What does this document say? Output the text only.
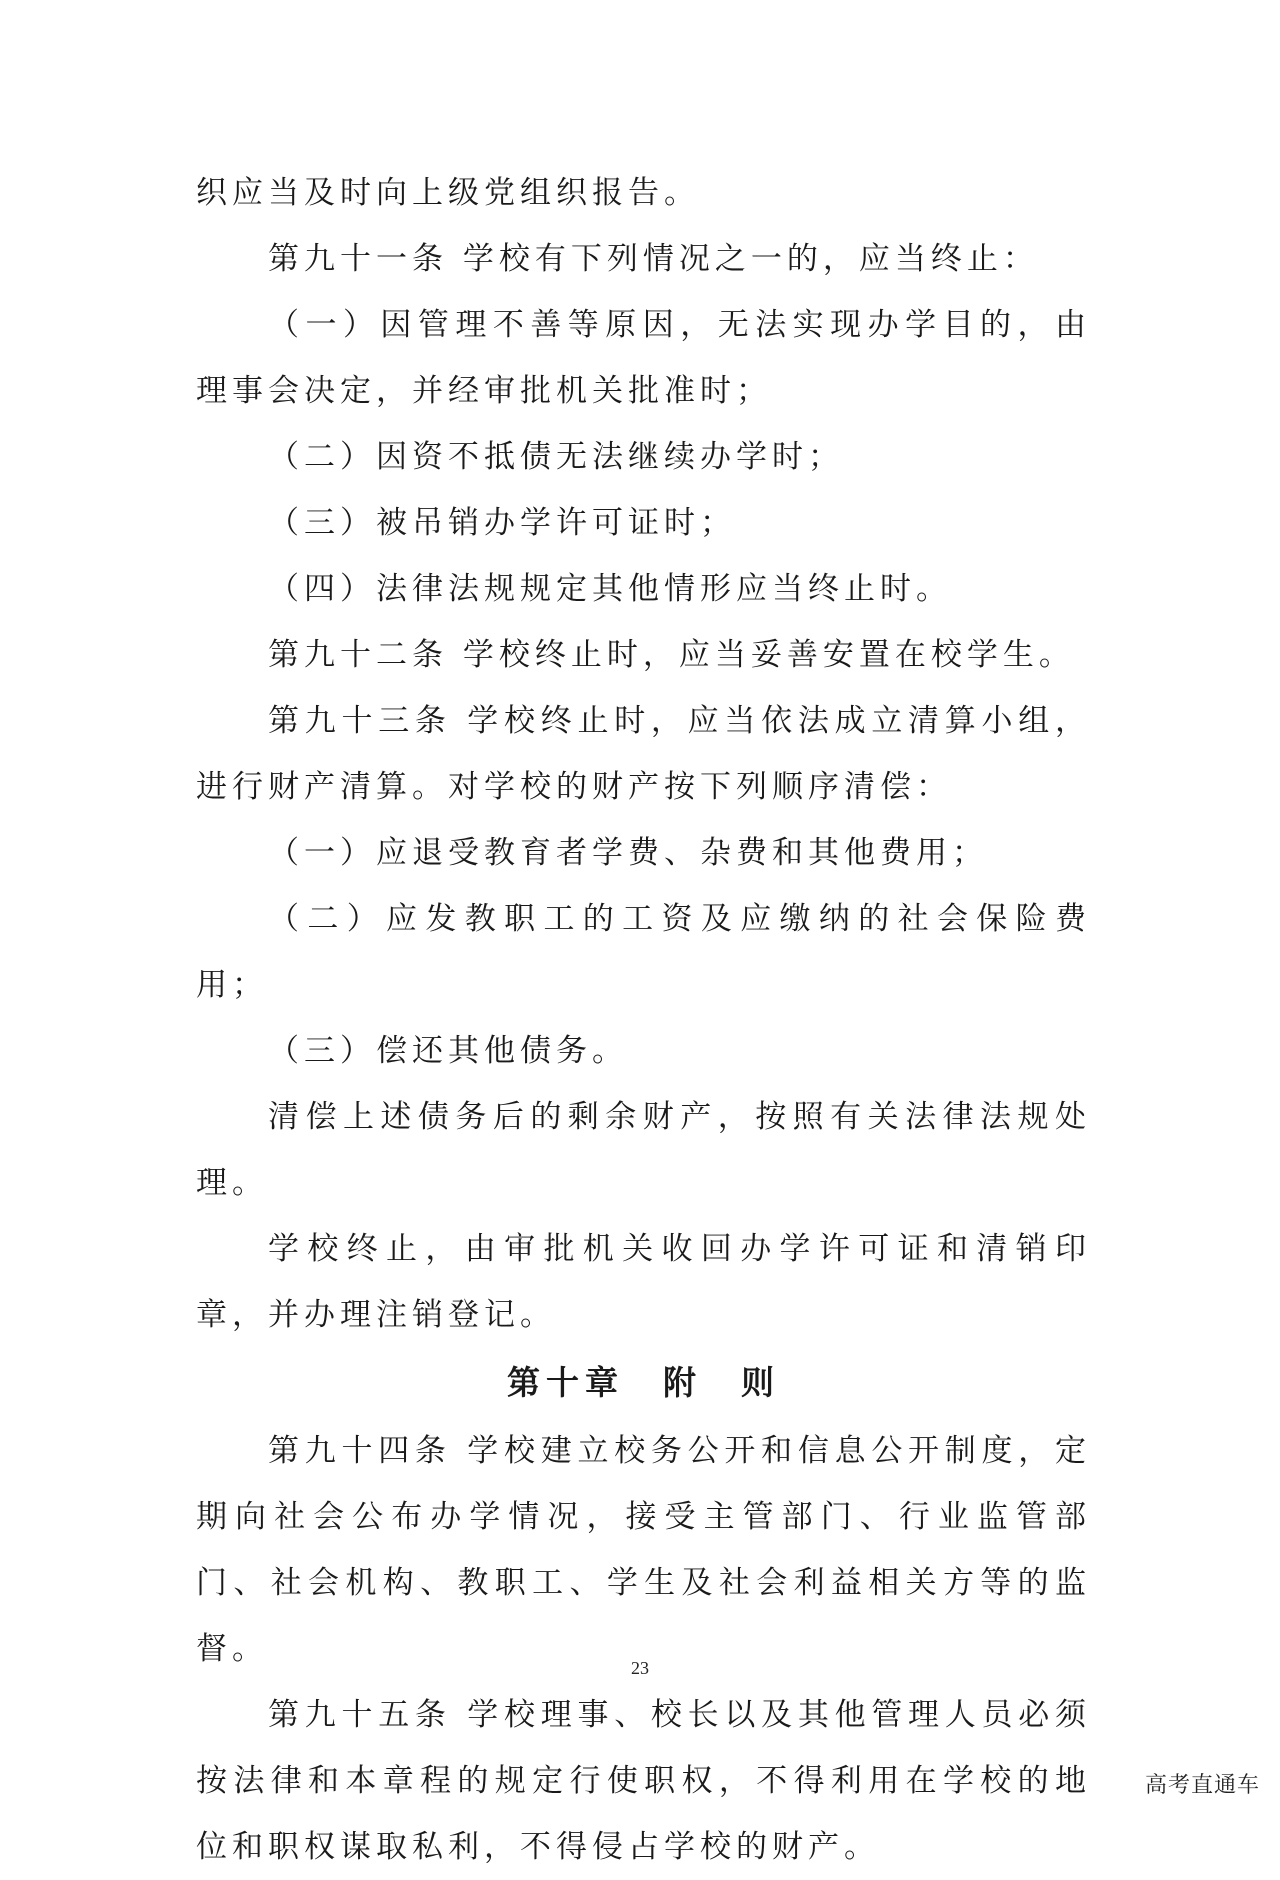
织应当及时向上级党组织报告。

第九十一条 学校有下列情况之一的，应当终止：

（一）因管理不善等原因，无法实现办学目的，由理事会决定，并经审批机关批准时；

（二）因资不抵债无法继续办学时；

（三）被吊销办学许可证时；

（四）法律法规规定其他情形应当终止时。

第九十二条 学校终止时，应当妥善安置在校学生。

第九十三条 学校终止时，应当依法成立清算小组，进行财产清算。对学校的财产按下列顺序清偿：

（一）应退受教育者学费、杂费和其他费用；

（二）应发教职工的工资及应缴纳的社会保险费用；

（三）偿还其他债务。

清偿上述债务后的剩余财产，按照有关法律法规处理。

学校终止，由审批机关收回办学许可证和清销印章，并办理注销登记。

第十章　附　则

第九十四条 学校建立校务公开和信息公开制度，定期向社会公布办学情况，接受主管部门、行业监管部门、社会机构、教职工、学生及社会利益相关方等的监督。

第九十五条 学校理事、校长以及其他管理人员必须按法律和本章程的规定行使职权，不得利用在学校的地位和职权谋取私利，不得侵占学校的财产。

23
高考直通车
